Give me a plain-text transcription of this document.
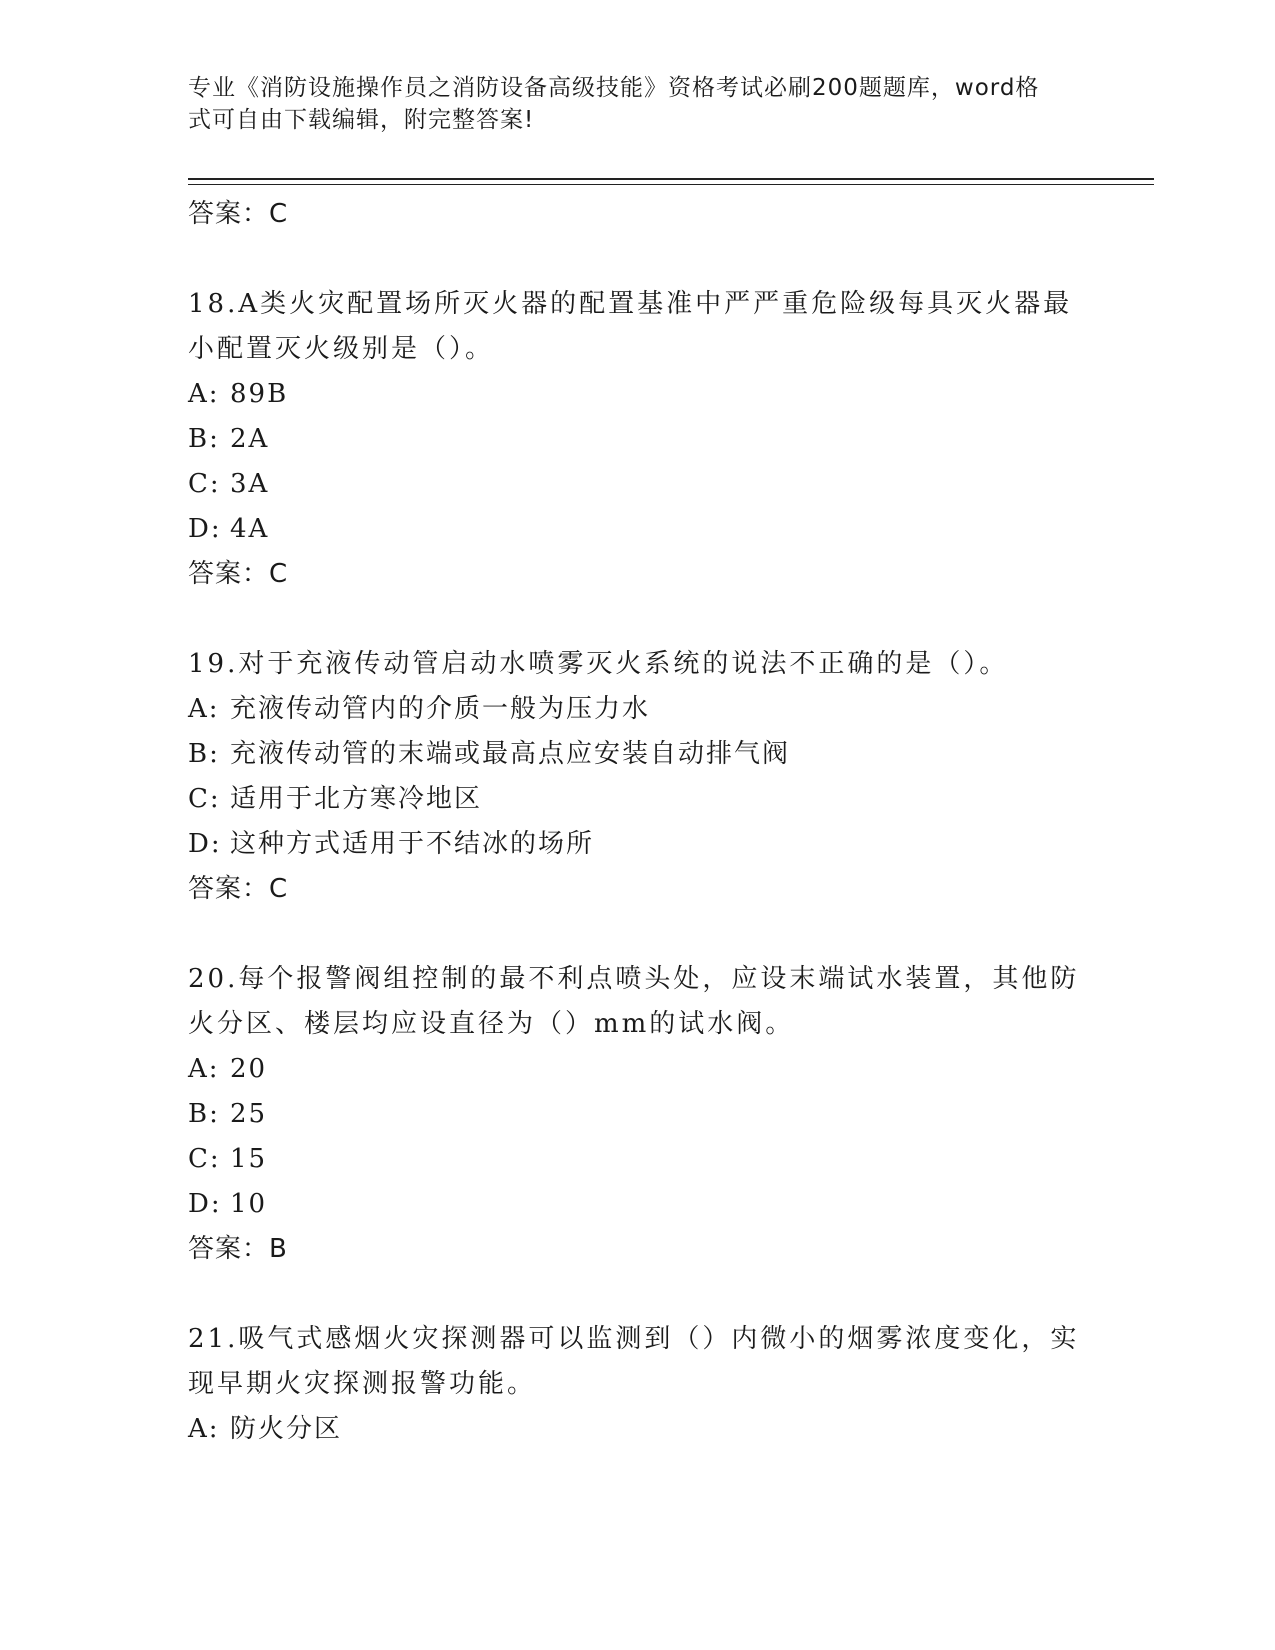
专业《消防设施操作员之消防设备高级技能》资格考试必刷200题题库，word格
式可自由下载编辑，附完整答案!
答案：C
18.A类火灾配置场所灭火器的配置基准中严严重危险级每具灭火器最
小配置灭火级别是（）。
A: 89B
B: 2A
C: 3A
D: 4A
答案：C
19.对于充液传动管启动水喷雾灭火系统的说法不正确的是（）。
A: 充液传动管内的介质一般为压力水
B: 充液传动管的末端或最高点应安装自动排气阀
C: 适用于北方寒冷地区
D: 这种方式适用于不结冰的场所
答案：C
20.每个报警阀组控制的最不利点喷头处，应设末端试水装置，其他防
火分区、楼层均应设直径为（）mm的试水阀。
A: 20
B: 25
C: 15
D: 10
答案：B
21.吸气式感烟火灾探测器可以监测到（）内微小的烟雾浓度变化，实
现早期火灾探测报警功能。
A: 防火分区
